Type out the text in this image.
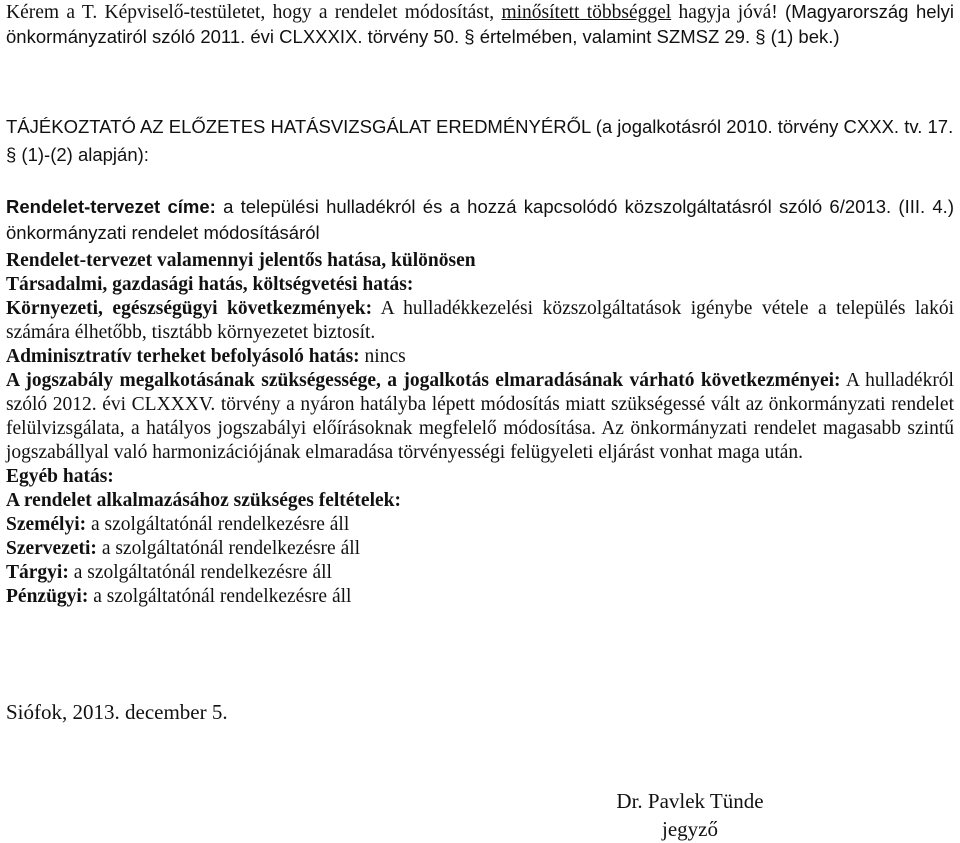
Kérem a T. Képviselő-testületet, hogy a rendelet módosítást, minősített többséggel hagyja jóvá! (Magyarország helyi önkormányzatiról szóló 2011. évi CLXXXIX. törvény 50. § értelmében, valamint SZMSZ 29. § (1) bek.)
TÁJÉKOZTATÓ AZ ELŐZETES HATÁSVIZSGÁLAT EREDMÉNYÉRŐL (a jogalkotásról 2010. törvény CXXX. tv. 17. § (1)-(2) alapján):
Rendelet-tervezet címe: a települési hulladékról és a hozzá kapcsolódó közszolgáltatásról szóló 6/2013. (III. 4.) önkormányzati rendelet módosításáról
Rendelet-tervezet valamennyi jelentős hatása, különösen
Társadalmi, gazdasági hatás, költségvetési hatás:
Környezeti, egészségügyi következmények: A hulladékkezelési közszolgáltatások igénybe vétele a település lakói számára élhetőbb, tisztább környezetet biztosít.
Adminisztratív terheket befolyásoló hatás: nincs
A jogszabály megalkotásának szükségessége, a jogalkotás elmaradásának várható következményei: A hulladékról szóló 2012. évi CLXXXV. törvény a nyáron hatályba lépett módosítás miatt szükségessé vált az önkormányzati rendelet felülvizsgálata, a hatályos jogszabályi előírásoknak megfelelő módosítása. Az önkormányzati rendelet magasabb szintű jogszabállyal való harmonizációjának elmaradása törvényességi felügyeleti eljárást vonhat maga után.
Egyéb hatás:
A rendelet alkalmazásához szükséges feltételek:
Személyi: a szolgáltatónál rendelkezésre áll
Szervezeti: a szolgáltatónál rendelkezésre áll
Tárgyi: a szolgáltatónál rendelkezésre áll
Pénzügyi: a szolgáltatónál rendelkezésre áll
Siófok, 2013. december 5.
Dr. Pavlek Tünde
jegyző
